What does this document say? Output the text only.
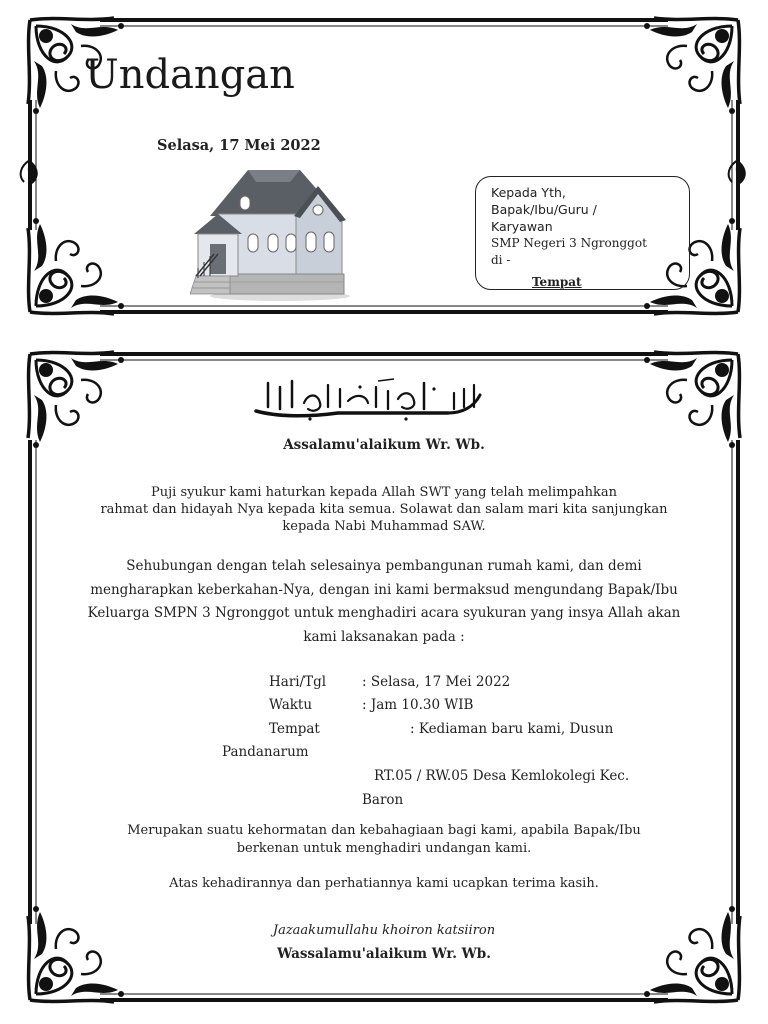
Undangan
Selasa, 17 Mei 2022
Kepada Yth,
Bapak/Ibu/Guru /
Karyawan
SMP Negeri 3 Ngronggot
di -
Tempat
Assalamu'alaikum Wr. Wb.
Puji syukur kami haturkan kepada Allah SWT yang telah melimpahkan
rahmat dan hidayah Nya kepada kita semua. Solawat dan salam mari kita sanjungkan
kepada Nabi Muhammad SAW.
Sehubungan dengan telah selesainya pembangunan rumah kami, dan demi
mengharapkan keberkahan-Nya, dengan ini kami bermaksud mengundang Bapak/Ibu
Keluarga SMPN 3 Ngronggot untuk menghadiri acara syukuran yang insya Allah akan
kami laksanakan pada :
Hari/Tgl	: Selasa, 17 Mei 2022
Waktu	: Jam 10.30 WIB
Tempat	: Kediaman baru kami, Dusun
Pandanarum
RT.05 / RW.05 Desa Kemlokolegi Kec.
Baron
Merupakan suatu kehormatan dan kebahagiaan bagi kami, apabila Bapak/Ibu
berkenan untuk menghadiri undangan kami.
Atas kehadirannya dan perhatiannya kami ucapkan terima kasih.
Jazaakumullahu khoiron katsiiron
Wassalamu'alaikum Wr. Wb.
